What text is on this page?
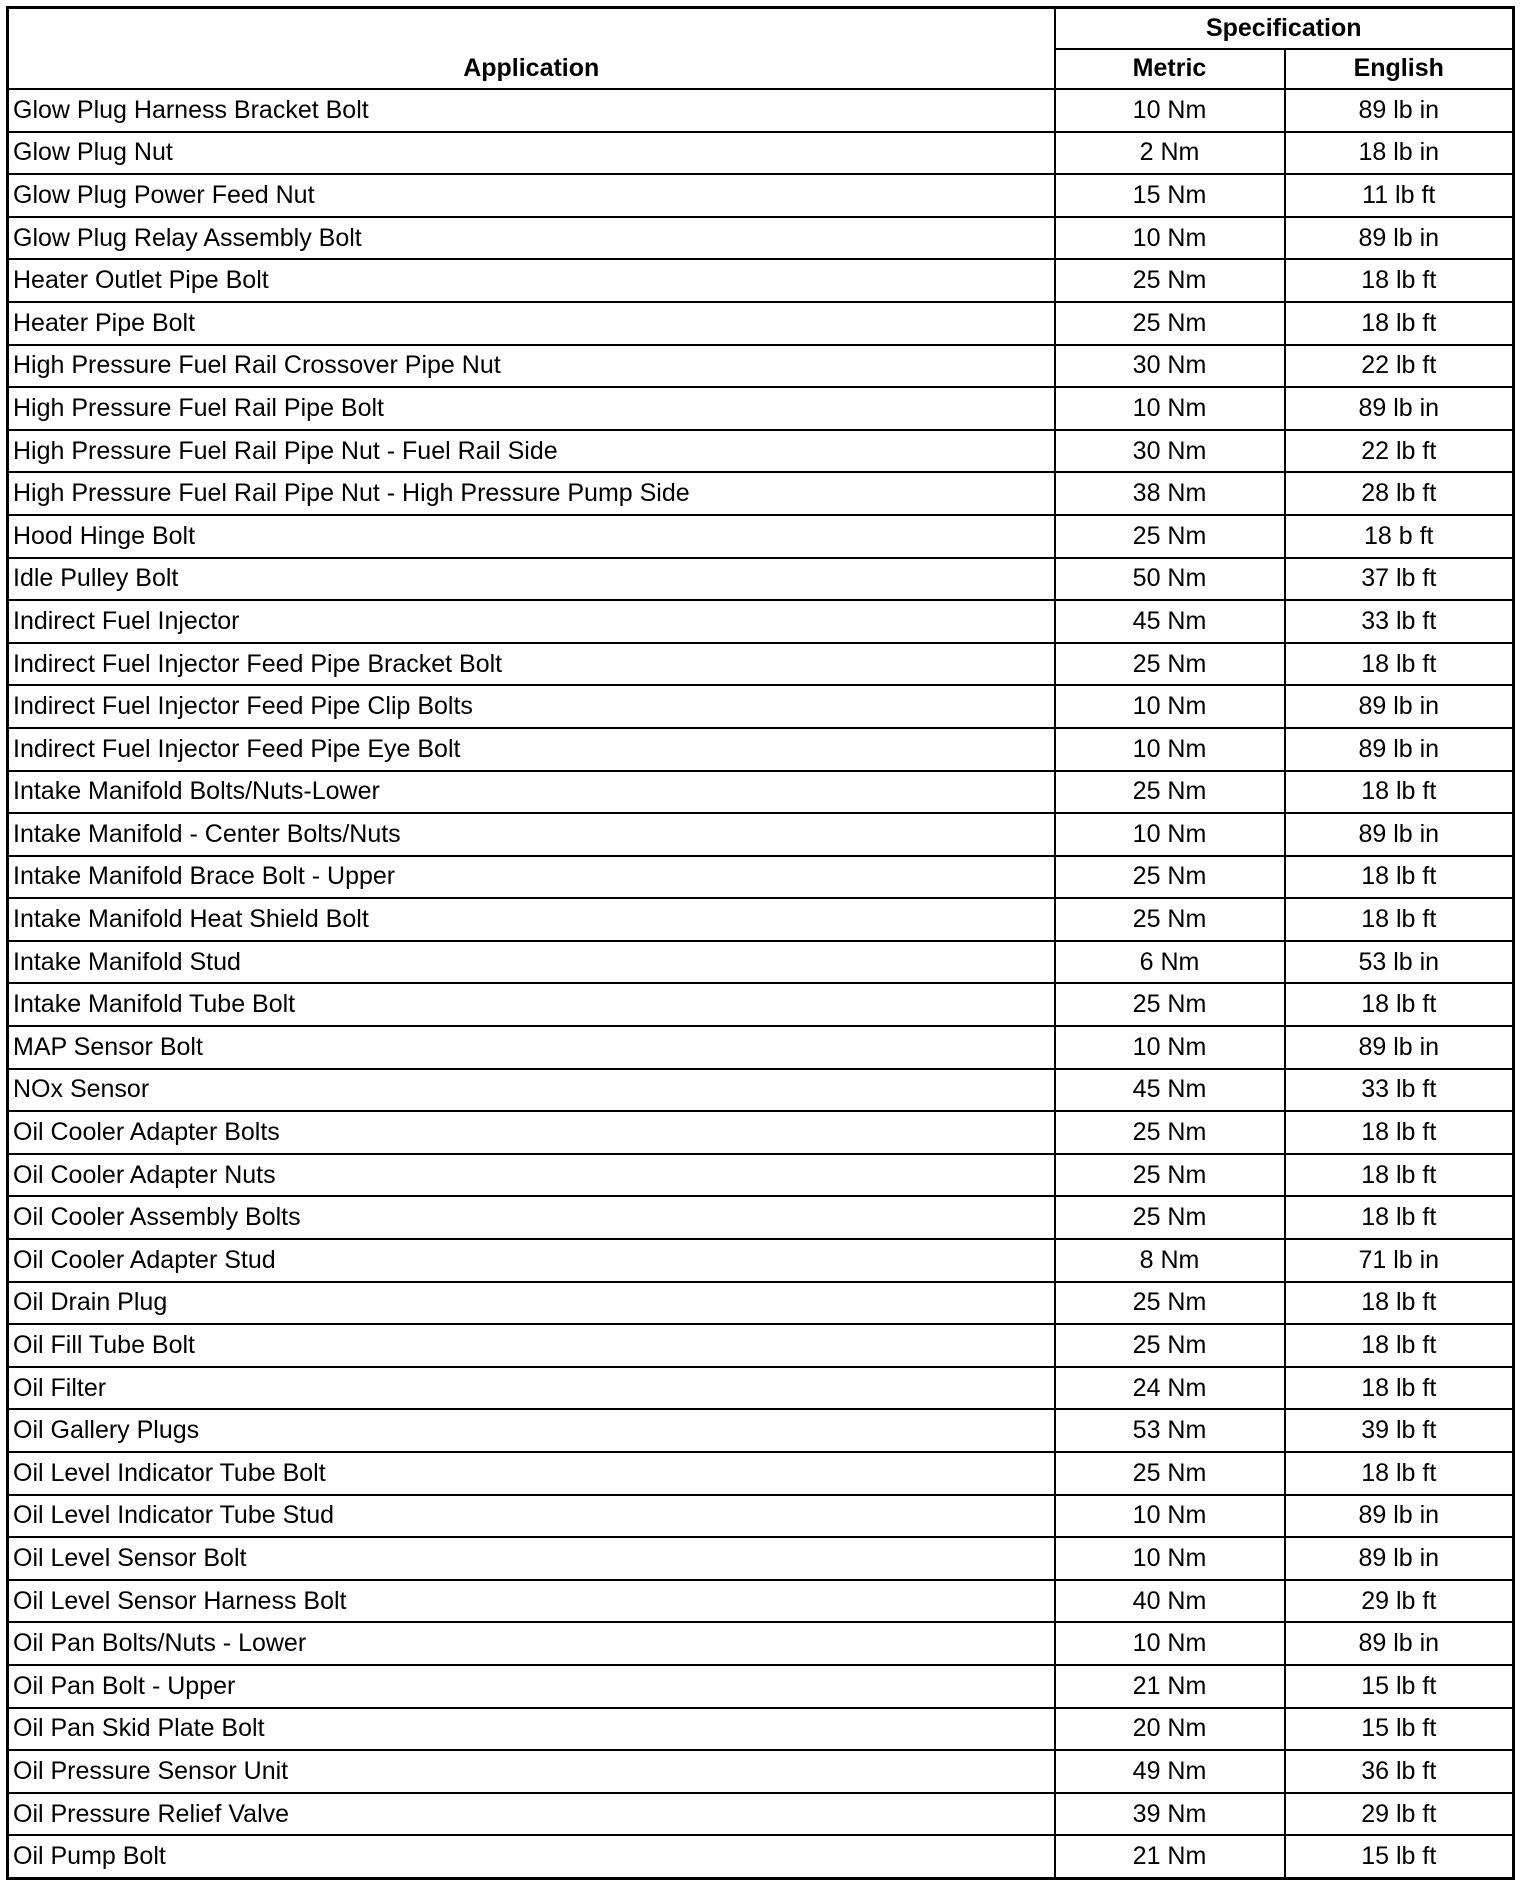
Application	Specification	
	Metric	English
Glow Plug Harness Bracket Bolt	10 Nm	89 lb in
Glow Plug Nut	2 Nm	18 lb in
Glow Plug Power Feed Nut	15 Nm	11 lb ft
Glow Plug Relay Assembly Bolt	10 Nm	89 lb in
Heater Outlet Pipe Bolt	25 Nm	18 lb ft
Heater Pipe Bolt	25 Nm	18 lb ft
High Pressure Fuel Rail Crossover Pipe Nut	30 Nm	22 lb ft
High Pressure Fuel Rail Pipe Bolt	10 Nm	89 lb in
High Pressure Fuel Rail Pipe Nut - Fuel Rail Side	30 Nm	22 lb ft
High Pressure Fuel Rail Pipe Nut - High Pressure Pump Side	38 Nm	28 lb ft
Hood Hinge Bolt	25 Nm	18 b ft
Idle Pulley Bolt	50 Nm	37 lb ft
Indirect Fuel Injector	45 Nm	33 lb ft
Indirect Fuel Injector Feed Pipe Bracket Bolt	25 Nm	18 lb ft
Indirect Fuel Injector Feed Pipe Clip Bolts	10 Nm	89 lb in
Indirect Fuel Injector Feed Pipe Eye Bolt	10 Nm	89 lb in
Intake Manifold Bolts/Nuts-Lower	25 Nm	18 lb ft
Intake Manifold - Center Bolts/Nuts	10 Nm	89 lb in
Intake Manifold Brace Bolt - Upper	25 Nm	18 lb ft
Intake Manifold Heat Shield Bolt	25 Nm	18 lb ft
Intake Manifold Stud	6 Nm	53 lb in
Intake Manifold Tube Bolt	25 Nm	18 lb ft
MAP Sensor Bolt	10 Nm	89 lb in
NOx Sensor	45 Nm	33 lb ft
Oil Cooler Adapter Bolts	25 Nm	18 lb ft
Oil Cooler Adapter Nuts	25 Nm	18 lb ft
Oil Cooler Assembly Bolts	25 Nm	18 lb ft
Oil Cooler Adapter Stud	8 Nm	71 lb in
Oil Drain Plug	25 Nm	18 lb ft
Oil Fill Tube Bolt	25 Nm	18 lb ft
Oil Filter	24 Nm	18 lb ft
Oil Gallery Plugs	53 Nm	39 lb ft
Oil Level Indicator Tube Bolt	25 Nm	18 lb ft
Oil Level Indicator Tube Stud	10 Nm	89 lb in
Oil Level Sensor Bolt	10 Nm	89 lb in
Oil Level Sensor Harness Bolt	40 Nm	29 lb ft
Oil Pan Bolts/Nuts - Lower	10 Nm	89 lb in
Oil Pan Bolt - Upper	21 Nm	15 lb ft
Oil Pan Skid Plate Bolt	20 Nm	15 lb ft
Oil Pressure Sensor Unit	49 Nm	36 lb ft
Oil Pressure Relief Valve	39 Nm	29 lb ft
Oil Pump Bolt	21 Nm	15 lb ft
